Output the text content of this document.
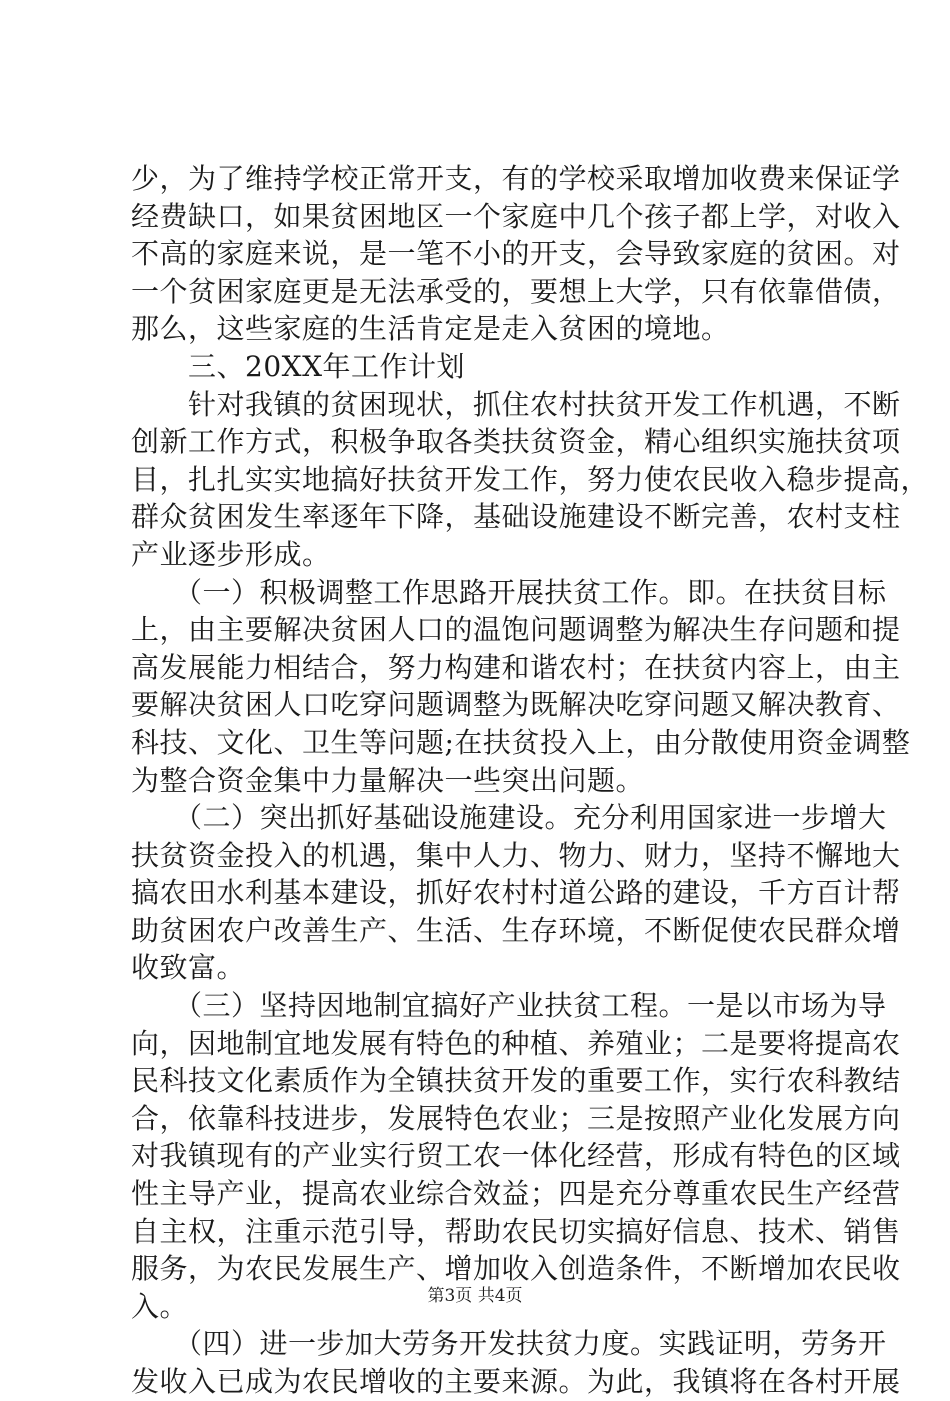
少，为了维持学校正常开支，有的学校采取增加收费来保证学
经费缺口，如果贫困地区一个家庭中几个孩子都上学，对收入
不高的家庭来说，是一笔不小的开支，会导致家庭的贫困。对
一个贫困家庭更是无法承受的，要想上大学，只有依靠借债，
那么，这些家庭的生活肯定是走入贫困的境地。
　　三、20XX年工作计划
　　针对我镇的贫困现状，抓住农村扶贫开发工作机遇，不断
创新工作方式，积极争取各类扶贫资金，精心组织实施扶贫项
目，扎扎实实地搞好扶贫开发工作，努力使农民收入稳步提高，
群众贫困发生率逐年下降，基础设施建设不断完善，农村支柱
产业逐步形成。
　　（一）积极调整工作思路开展扶贫工作。即。在扶贫目标
上，由主要解决贫困人口的温饱问题调整为解决生存问题和提
高发展能力相结合，努力构建和谐农村；在扶贫内容上，由主
要解决贫困人口吃穿问题调整为既解决吃穿问题又解决教育、
科技、文化、卫生等问题;在扶贫投入上，由分散使用资金调整
为整合资金集中力量解决一些突出问题。
　　（二）突出抓好基础设施建设。充分利用国家进一步增大
扶贫资金投入的机遇，集中人力、物力、财力，坚持不懈地大
搞农田水利基本建设，抓好农村村道公路的建设，千方百计帮
助贫困农户改善生产、生活、生存环境，不断促使农民群众增
收致富。
　　（三）坚持因地制宜搞好产业扶贫工程。一是以市场为导
向，因地制宜地发展有特色的种植、养殖业；二是要将提高农
民科技文化素质作为全镇扶贫开发的重要工作，实行农科教结
合，依靠科技进步，发展特色农业；三是按照产业化发展方向
对我镇现有的产业实行贸工农一体化经营，形成有特色的区域
性主导产业，提高农业综合效益；四是充分尊重农民生产经营
自主权，注重示范引导，帮助农民切实搞好信息、技术、销售
服务，为农民发展生产、增加收入创造条件，不断增加农民收
入。
　　（四）进一步加大劳务开发扶贫力度。实践证明，劳务开
发收入已成为农民增收的主要来源。为此，我镇将在各村开展
第3页 共4页
